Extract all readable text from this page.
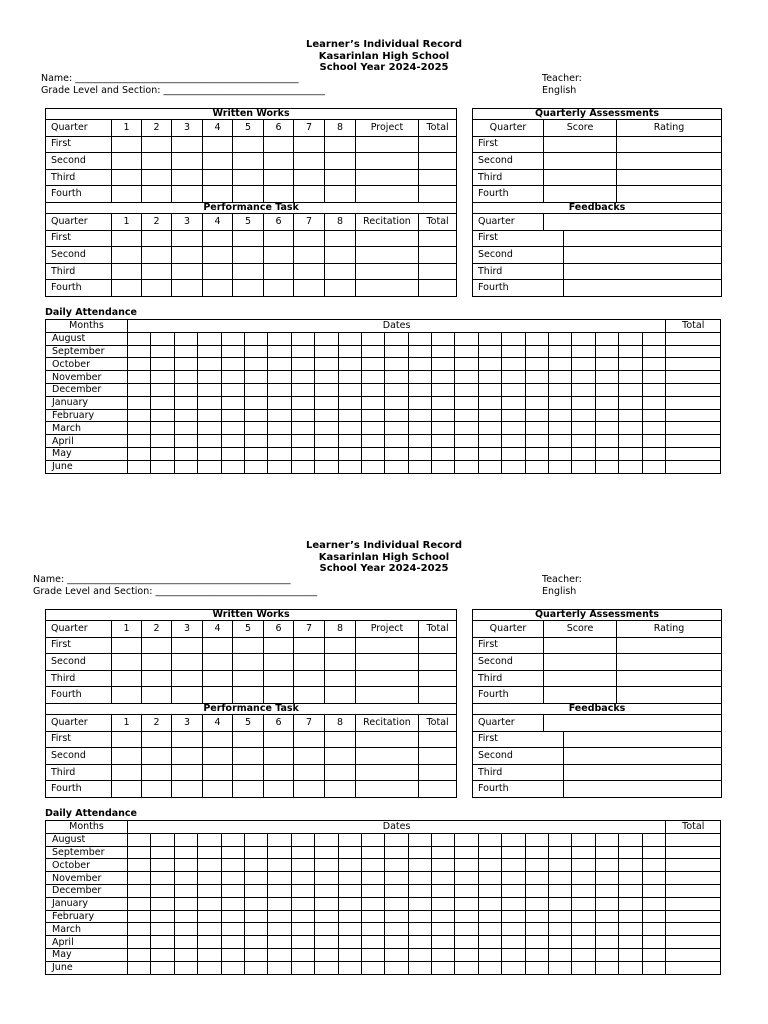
Learner’s Individual Record
Kasarinlan High School
School Year 2024-2025
Name: _______________________________________________
Grade Level and Section: __________________________________
Teacher:
English
Written Works										
Quarter	1	2	3	4	5	6	7	8	Project	Total
First										
Second										
Third										
Fourth										
Performance Task										
Quarter	1	2	3	4	5	6	7	8	Recitation	Total
First										
Second										
Third										
Fourth										
Quarterly Assessments			
Quarter	Score		Rating
First			
Second			
Third			
Fourth			
Feedbacks			
Quarter			
First			
Second			
Third			
Fourth			
Daily Attendance
Months	Dates																							Total
August																								
September																								
October																								
November																								
December																								
January																								
February																								
March																								
April																								
May																								
June																								
Learner’s Individual Record
Kasarinlan High School
School Year 2024-2025
Name: _______________________________________________
Grade Level and Section: __________________________________
Teacher:
English
Written Works										
Quarter	1	2	3	4	5	6	7	8	Project	Total
First										
Second										
Third										
Fourth										
Performance Task										
Quarter	1	2	3	4	5	6	7	8	Recitation	Total
First										
Second										
Third										
Fourth										
Quarterly Assessments			
Quarter	Score		Rating
First			
Second			
Third			
Fourth			
Feedbacks			
Quarter			
First			
Second			
Third			
Fourth			
Daily Attendance
Months	Dates																							Total
August																								
September																								
October																								
November																								
December																								
January																								
February																								
March																								
April																								
May																								
June																								
